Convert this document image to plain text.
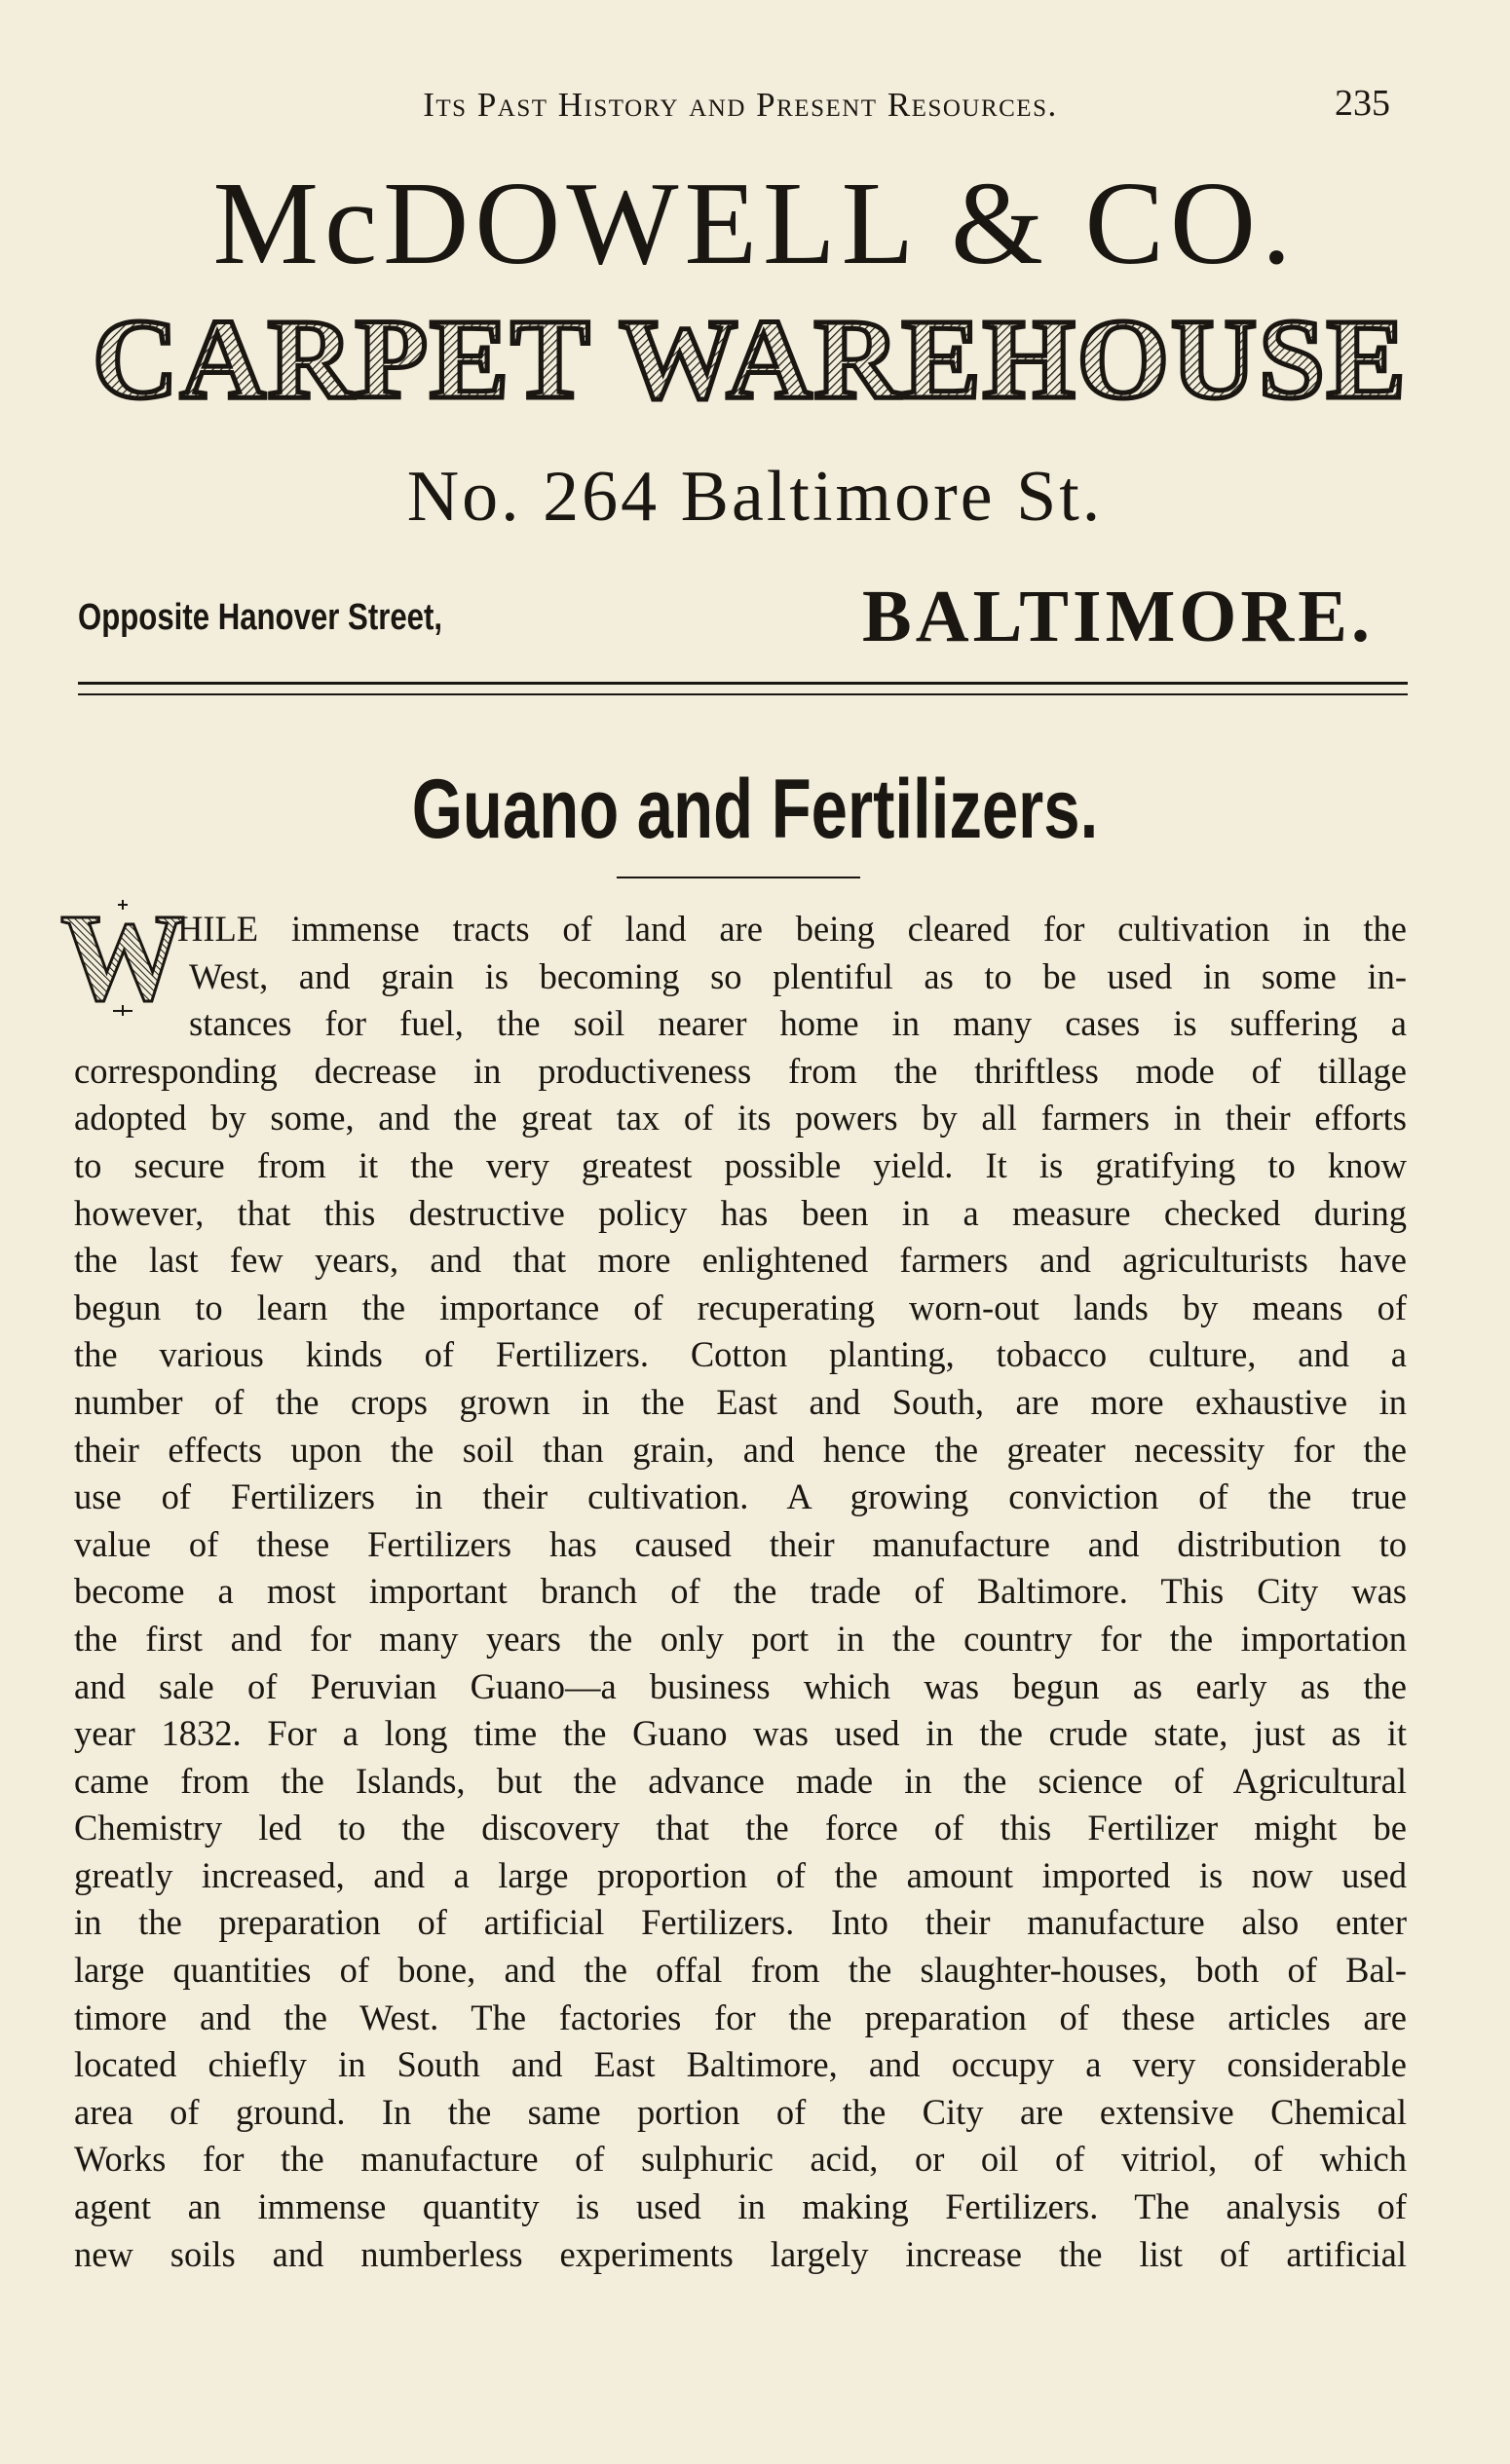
Its Past History and Present Resources.	235
McDOWELL & CO.
CARPET WAREHOUSE
No. 264 Baltimore St.
Opposite Hanover Street,	BALTIMORE.
Guano and Fertilizers.
W
HILE immense tracts of land are being cleared for cultivation in the
West, and grain is becoming so plentiful as to be used in some in-
stances for fuel, the soil nearer home in many cases is suffering a
corresponding decrease in productiveness from the thriftless mode of tillage
adopted by some, and the great tax of its powers by all farmers in their efforts
to secure from it the very greatest possible yield. It is gratifying to know
however, that this destructive policy has been in a measure checked during
the last few years, and that more enlightened farmers and agriculturists have
begun to learn the importance of recuperating worn-out lands by means of
the various kinds of Fertilizers. Cotton planting, tobacco culture, and a
number of the crops grown in the East and South, are more exhaustive in
their effects upon the soil than grain, and hence the greater necessity for the
use of Fertilizers in their cultivation. A growing conviction of the true
value of these Fertilizers has caused their manufacture and distribution to
become a most important branch of the trade of Baltimore. This City was
the first and for many years the only port in the country for the importation
and sale of Peruvian Guano—a business which was begun as early as the
year 1832. For a long time the Guano was used in the crude state, just as it
came from the Islands, but the advance made in the science of Agricultural
Chemistry led to the discovery that the force of this Fertilizer might be
greatly increased, and a large proportion of the amount imported is now used
in the preparation of artificial Fertilizers. Into their manufacture also enter
large quantities of bone, and the offal from the slaughter-houses, both of Bal-
timore and the West. The factories for the preparation of these articles are
located chiefly in South and East Baltimore, and occupy a very considerable
area of ground. In the same portion of the City are extensive Chemical
Works for the manufacture of sulphuric acid, or oil of vitriol, of which
agent an immense quantity is used in making Fertilizers. The analysis of
new soils and numberless experiments largely increase the list of artificial
